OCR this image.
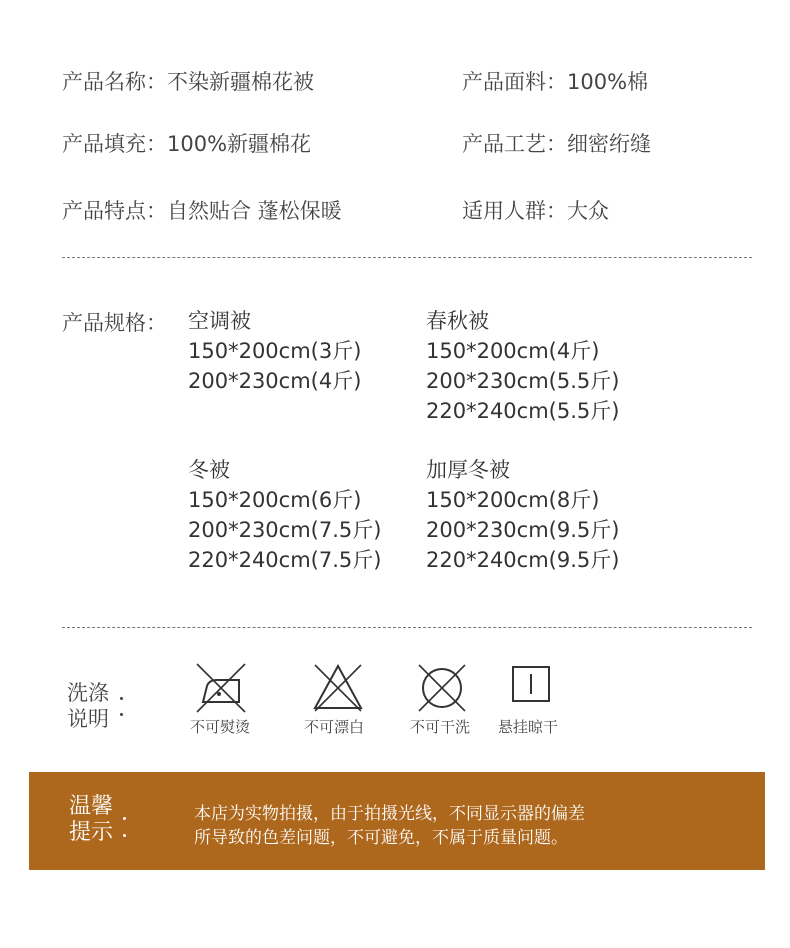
产品名称：不染新疆棉花被	产品面料：100%棉
产品填充：100%新疆棉花	产品工艺：细密绗缝
产品特点：自然贴合 蓬松保暖	适用人群：大众
产品规格： 空调被
150*200cm(3斤)
200*230cm(4斤)
春秋被
150*200cm(4斤)
200*230cm(5.5斤)
220*240cm(5.5斤)
冬被
150*200cm(6斤)
200*230cm(7.5斤)
220*240cm(7.5斤)
加厚冬被
150*200cm(8斤)
200*230cm(9.5斤)
220*240cm(9.5斤)
洗涤
说明	不可熨烫	不可漂白	不可干洗 悬挂晾干
温馨
提示
本店为实物拍摄，由于拍摄光线，不同显示器的偏差
所导致的色差问题，不可避免，不属于质量问题。
